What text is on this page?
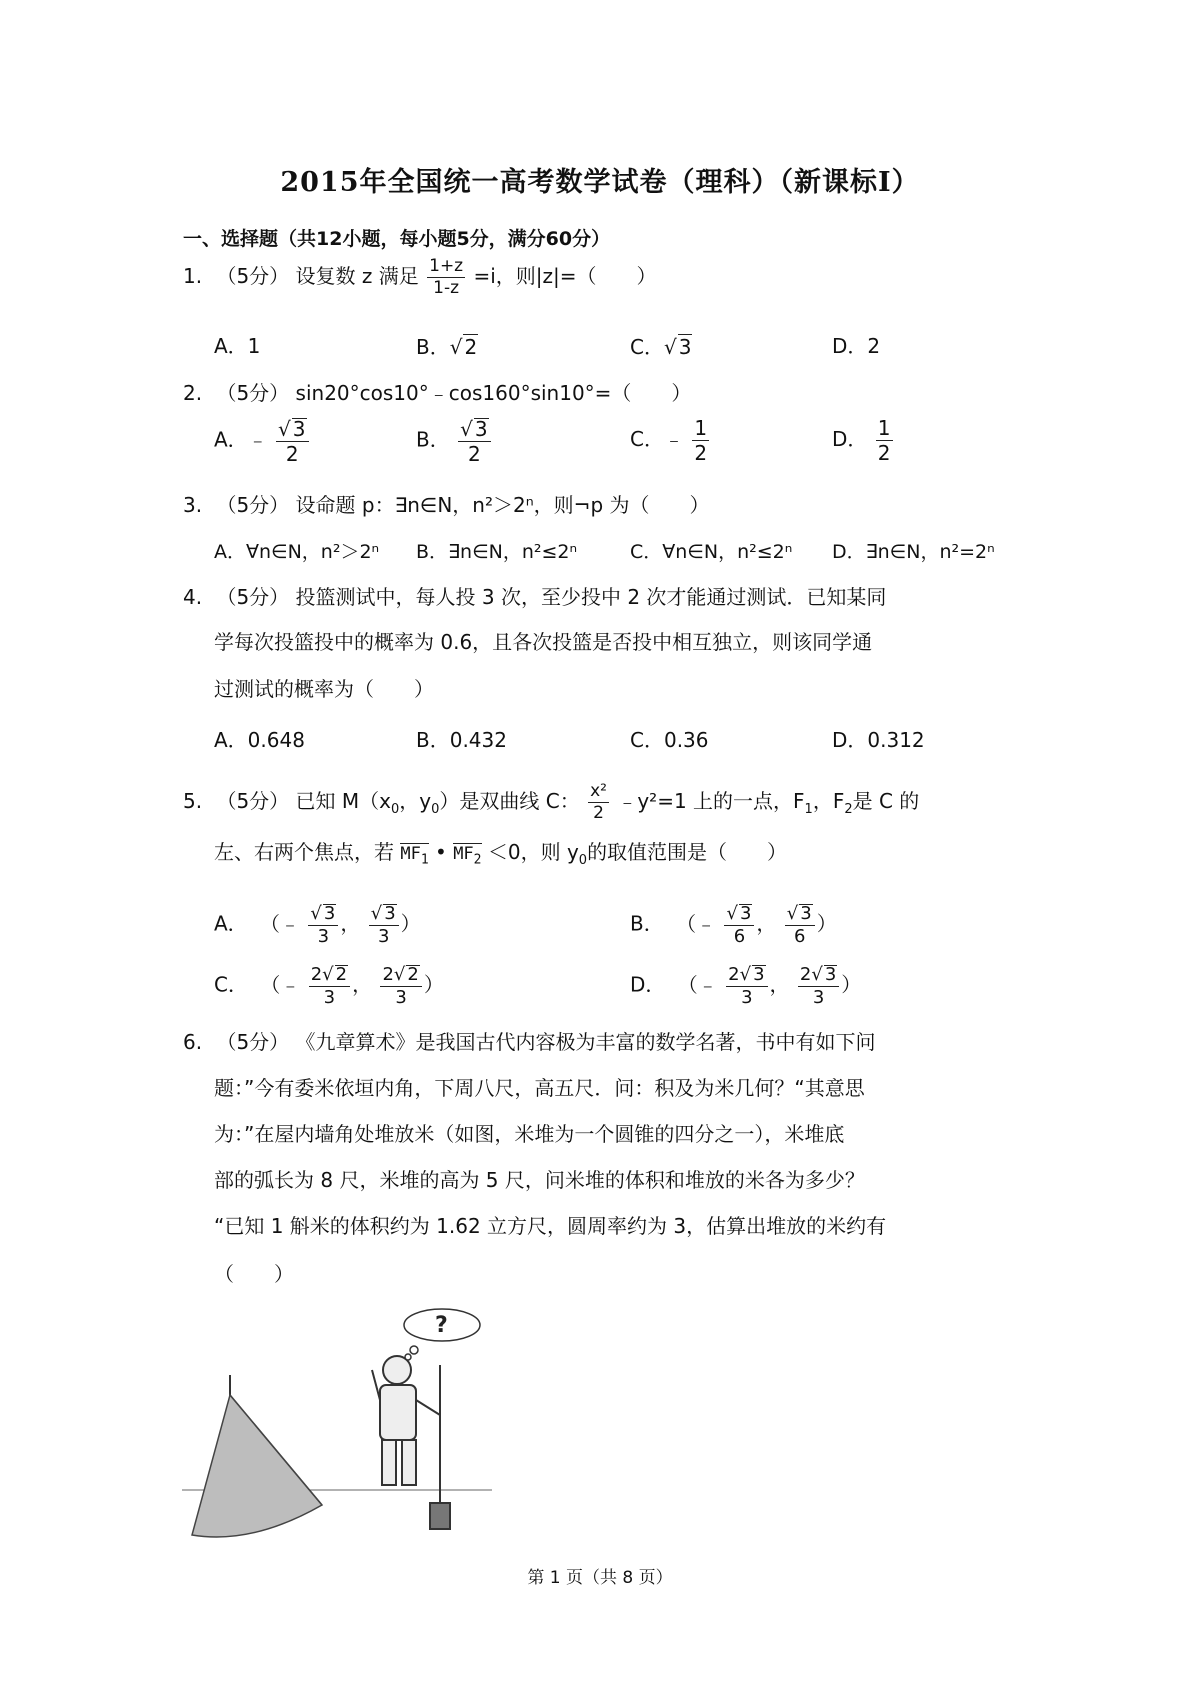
2015年全国统一高考数学试卷（理科）（新课标Ⅰ）
一、选择题（共12小题，每小题5分，满分60分）
1. （5分） 设复数 z 满足 $\frac{1+z}{1-z} =i$，则|z|=（　　）
A．1	B． √ 2	C． √ 3	D．2
2. （5分） sin20°cos10°﹣cos160°sin10°=（　　）
A．﹣ √ $\frac{3}{2}$	B． √ $\frac{3}{2}$	C．﹣ $\frac{1}{2}$	D． $\frac{1}{2}$
3. （5分） 设命题 p：∃n∈N，n²＞2ⁿ，则¬p 为（　　）
A．∀n∈N，n²＞2ⁿ B．∃n∈N，n²≤2ⁿ	C．∀n∈N，n²≤2ⁿ D．∃n∈N，n²=2ⁿ
4. （5分） 投篮测试中，每人投 3 次，至少投中 2 次才能通过测试．已知某同
学每次投篮投中的概率为 0.6，且各次投篮是否投中相互独立，则该同学通
过测试的概率为（　　）
A．0.648	B．0.432	C．0.36	D．0.312
5. （5分） 已知 $M(x_0$，$y_0$）是双曲线 C： $\frac{\text{x²}}{2}$ ﹣y²=1 上的一点，$F_1$，$F_2$是 C 的
左、右两个焦点，若 $MF_1$ • $MF_2 <0$，则 $y_0$的取值范围是（　　）
A． （﹣ √ $\frac{3}{3}$ ， √ $\frac{3}{3}$ ）	B． （﹣ √ $\frac{3}{6}$ ， √ $\frac{3}{6}$ ）
C． （﹣ $\frac{2 √ 2}{3}$ ， $\frac{2 √ 2}{3}$ ）	D． （﹣ $\frac{2 √ 3}{3}$ ， $\frac{2 √ 3}{3}$ ）
6. （5分） 《九章算术》是我国古代内容极为丰富的数学名著，书中有如下问
题：”今有委米依垣内角，下周八尺，高五尺．问：积及为米几何？“其意思
为：”在屋内墙角处堆放米（如图，米堆为一个圆锥的四分之一），米堆底
部的弧长为 8 尺，米堆的高为 5 尺，问米堆的体积和堆放的米各为多少？
“已知 1 斛米的体积约为 1.62 立方尺，圆周率约为 3，估算出堆放的米约有
（　　）
?
第 1 页（共 8 页）
